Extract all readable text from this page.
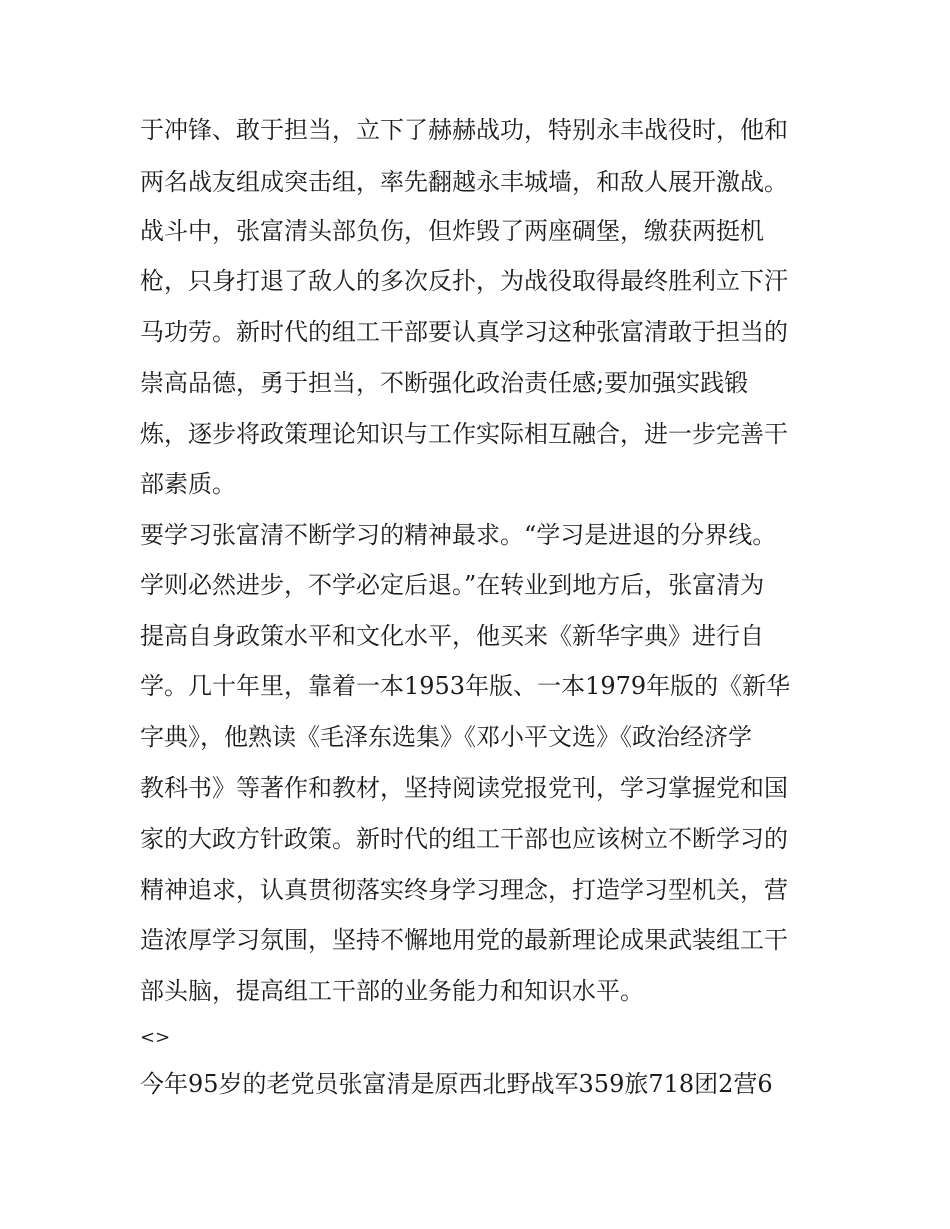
于冲锋、敢于担当，立下了赫赫战功，特别永丰战役时，他和
两名战友组成突击组，率先翻越永丰城墙，和敌人展开激战。
战斗中，张富清头部负伤，但炸毁了两座碉堡，缴获两挺机
枪，只身打退了敌人的多次反扑，为战役取得最终胜利立下汗
马功劳。新时代的组工干部要认真学习这种张富清敢于担当的
崇高品德，勇于担当，不断强化政治责任感;要加强实践锻
炼，逐步将政策理论知识与工作实际相互融合，进一步完善干
部素质。
要学习张富清不断学习的精神最求。“学习是进退的分界线。
学则必然进步，不学必定后退。”在转业到地方后，张富清为
提高自身政策水平和文化水平，他买来《新华字典》进行自
学。几十年里，靠着一本1953年版、一本1979年版的《新华
字典》，他熟读《毛泽东选集》《邓小平文选》《政治经济学
教科书》等著作和教材，坚持阅读党报党刊，学习掌握党和国
家的大政方针政策。新时代的组工干部也应该树立不断学习的
精神追求，认真贯彻落实终身学习理念，打造学习型机关，营
造浓厚学习氛围，坚持不懈地用党的最新理论成果武装组工干
部头脑，提高组工干部的业务能力和知识水平。
<>
今年95岁的老党员张富清是原西北野战军359旅718团2营6
